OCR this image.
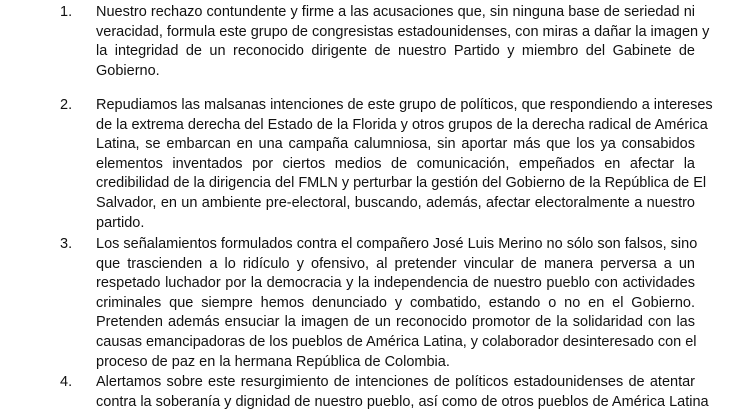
1.	Nuestro rechazo contundente y firme a las acusaciones que, sin ninguna base de seriedad ni
veracidad, formula este grupo de congresistas estadounidenses, con miras a dañar la imagen y
la integridad de un reconocido dirigente de nuestro Partido y miembro del Gabinete de
Gobierno.

2.	Repudiamos las malsanas intenciones de este grupo de políticos, que respondiendo a intereses
de la extrema derecha del Estado de la Florida y otros grupos de la derecha radical de América
Latina, se embarcan en una campaña calumniosa, sin aportar más que los ya consabidos
elementos inventados por ciertos medios de comunicación, empeñados en afectar la
credibilidad de la dirigencia del FMLN y perturbar la gestión del Gobierno de la República de El
Salvador, en un ambiente pre-electoral, buscando, además, afectar electoralmente a nuestro
partido.

3.	Los señalamientos formulados contra el compañero José Luis Merino no sólo son falsos, sino
que trascienden a lo ridículo y ofensivo, al pretender vincular de manera perversa a un
respetado luchador por la democracia y la independencia de nuestro pueblo con actividades
criminales que siempre hemos denunciado y combatido, estando o no en el Gobierno.
Pretenden además ensuciar la imagen de un reconocido promotor de la solidaridad con las
causas emancipadoras de los pueblos de América Latina, y colaborador desinteresado con el
proceso de paz en la hermana República de Colombia.

4.	Alertamos sobre este resurgimiento de intenciones de políticos estadounidenses de atentar
contra la soberanía y dignidad de nuestro pueblo, así como de otros pueblos de América Latina
